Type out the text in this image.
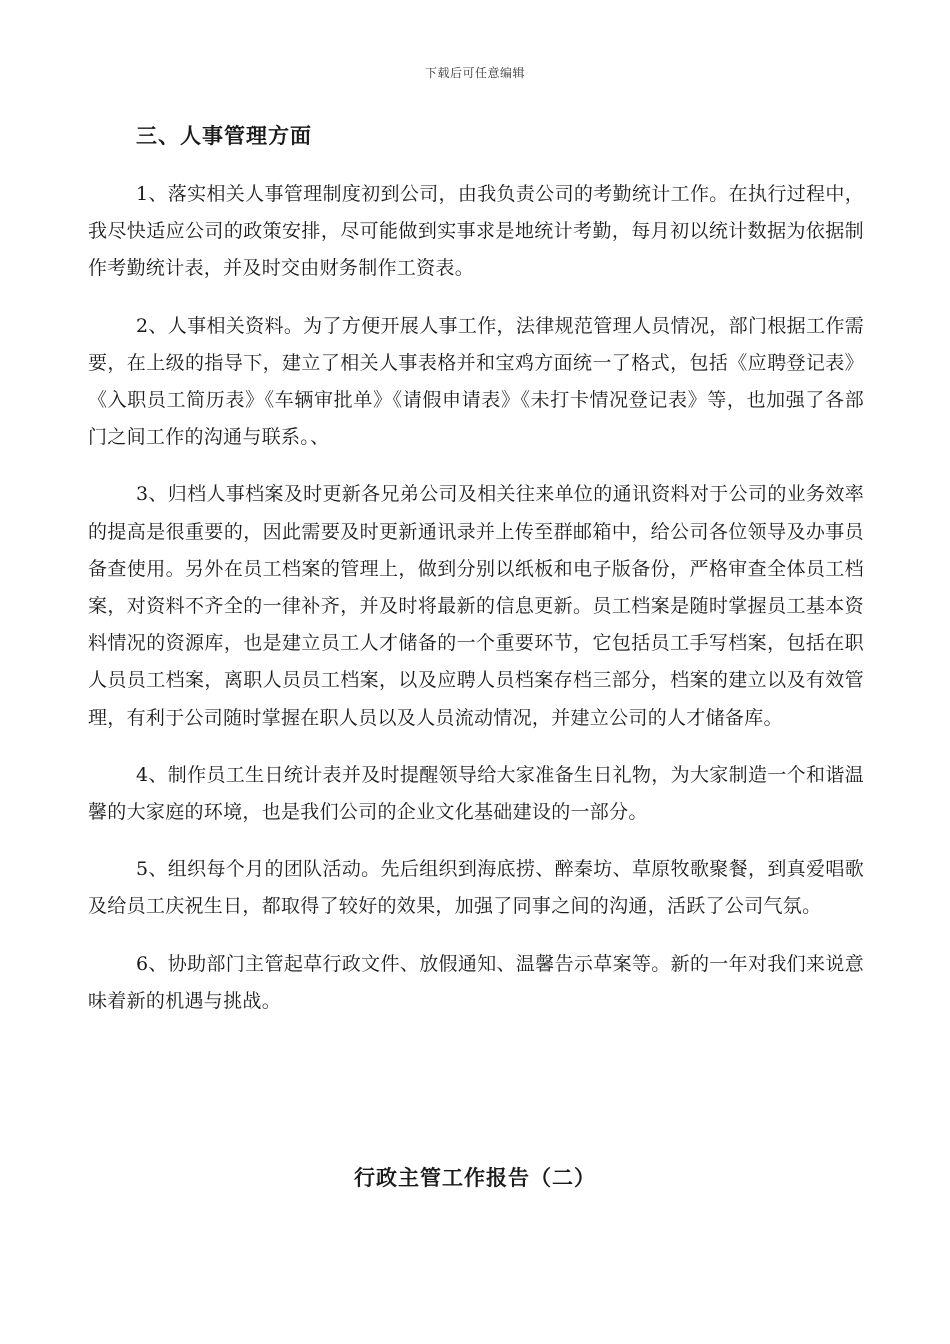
下载后可任意编辑
三、人事管理方面

1、落实相关人事管理制度初到公司，由我负责公司的考勤统计工作。在执行过程中，我尽快适应公司的政策安排，尽可能做到实事求是地统计考勤，每月初以统计数据为依据制作考勤统计表，并及时交由财务制作工资表。

2、人事相关资料。为了方便开展人事工作，法律规范管理人员情况，部门根据工作需要，在上级的指导下，建立了相关人事表格并和宝鸡方面统一了格式，包括《应聘登记表》《入职员工简历表》《车辆审批单》《请假申请表》《未打卡情况登记表》等，也加强了各部门之间工作的沟通与联系。、

3、归档人事档案及时更新各兄弟公司及相关往来单位的通讯资料对于公司的业务效率的提高是很重要的，因此需要及时更新通讯录并上传至群邮箱中，给公司各位领导及办事员备查使用。另外在员工档案的管理上，做到分别以纸板和电子版备份，严格审查全体员工档案，对资料不齐全的一律补齐，并及时将最新的信息更新。员工档案是随时掌握员工基本资料情况的资源库，也是建立员工人才储备的一个重要环节，它包括员工手写档案，包括在职人员员工档案，离职人员员工档案，以及应聘人员档案存档三部分，档案的建立以及有效管理，有利于公司随时掌握在职人员以及人员流动情况，并建立公司的人才储备库。

4、制作员工生日统计表并及时提醒领导给大家准备生日礼物，为大家制造一个和谐温馨的大家庭的环境，也是我们公司的企业文化基础建设的一部分。

5、组织每个月的团队活动。先后组织到海底捞、醉秦坊、草原牧歌聚餐，到真爱唱歌及给员工庆祝生日，都取得了较好的效果，加强了同事之间的沟通，活跃了公司气氛。

6、协助部门主管起草行政文件、放假通知、温馨告示草案等。新的一年对我们来说意味着新的机遇与挑战。

行政主管工作报告（二）
